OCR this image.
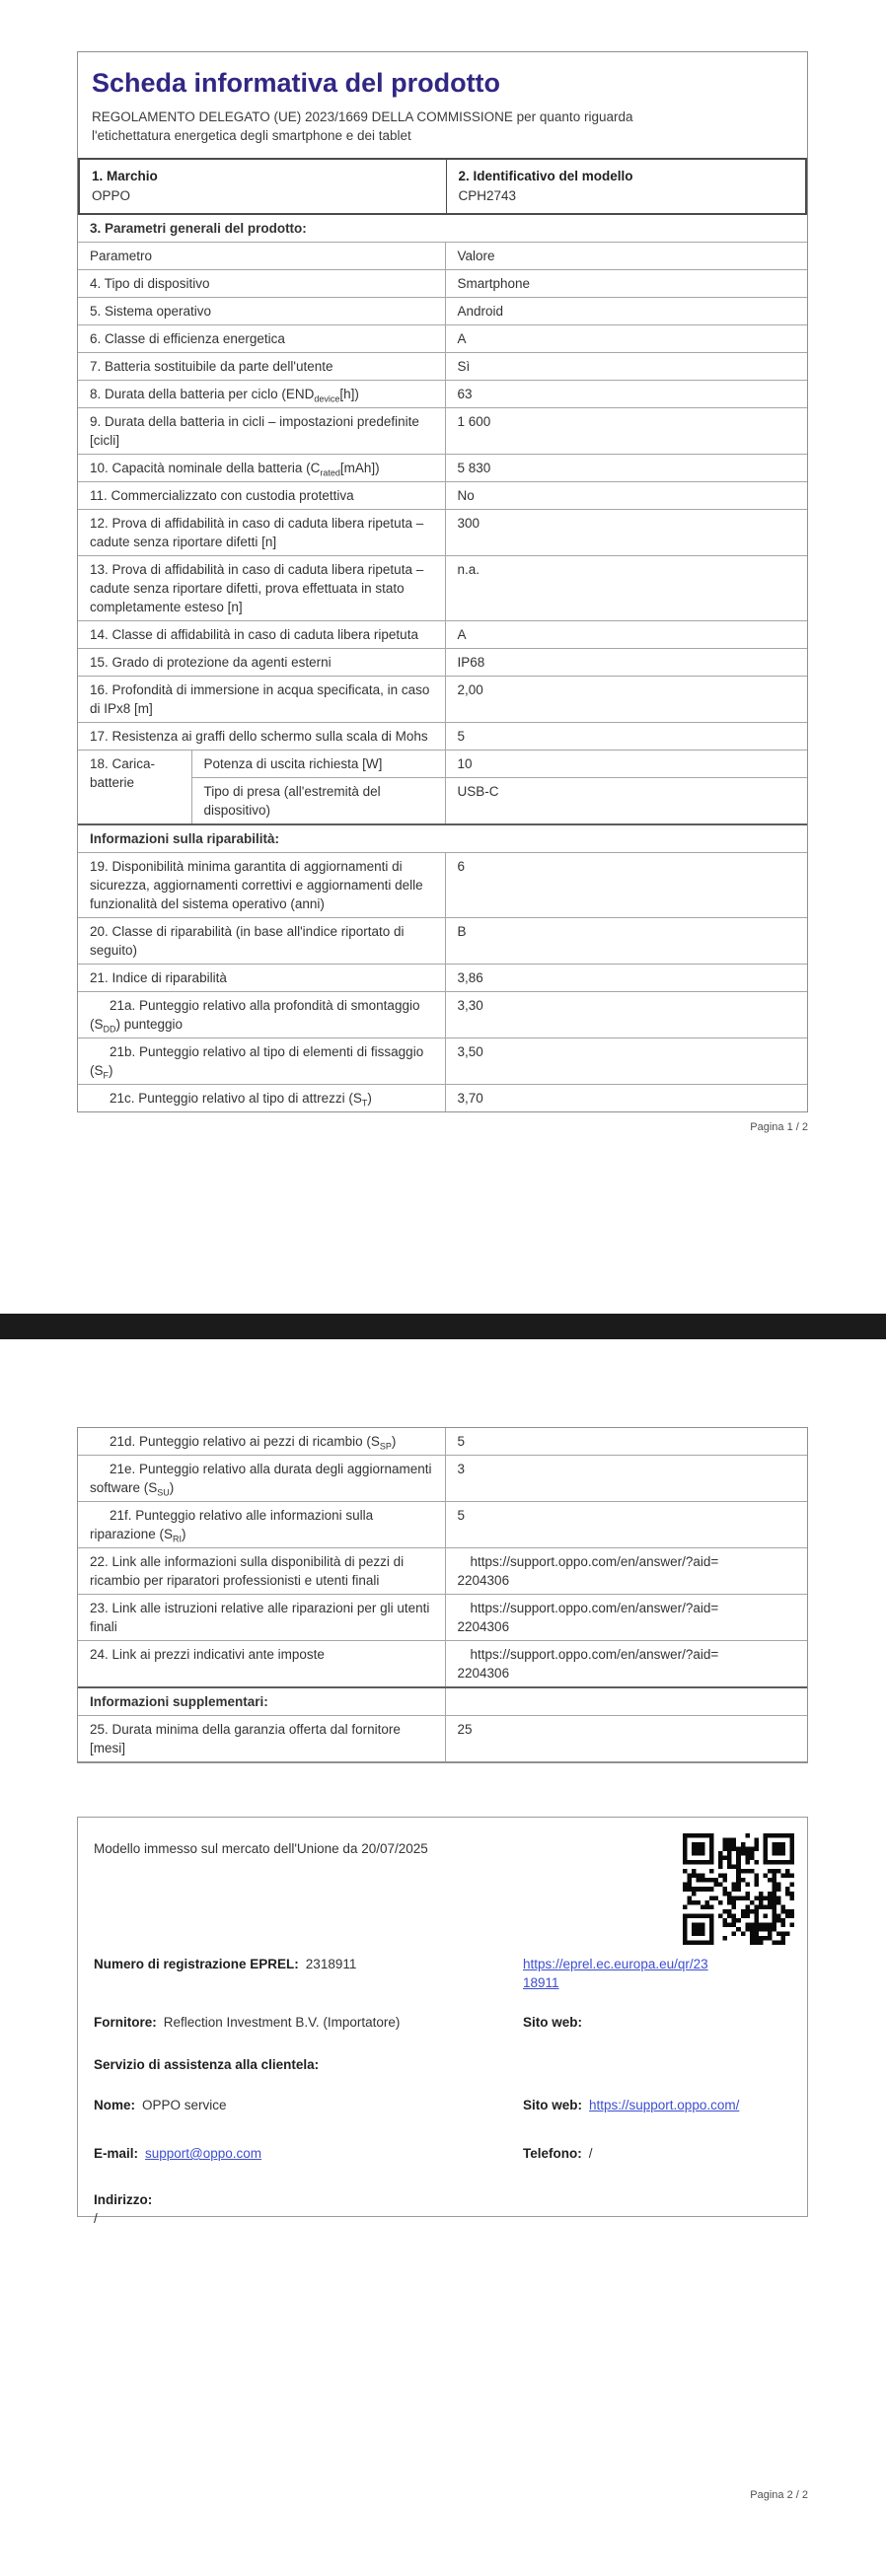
Scheda informativa del prodotto

REGOLAMENTO DELEGATO (UE) 2023/1669 DELLA COMMISSIONE per quanto riguarda
l'etichettatura energetica degli smartphone e dei tablet

1. Marchio
OPPO

2. Identificativo del modello
CPH2743
3. Parametri generali del prodotto:		
Parametro		Valore
4. Tipo di dispositivo		Smartphone
5. Sistema operativo		Android
6. Classe di efficienza energetica		A
7. Batteria sostituibile da parte dell'utente		Sì
8. Durata della batteria per ciclo $(END_{device}[h])$		63
9. Durata della batteria in cicli – impostazioni predefinite [cicli]		1 600
10. Capacità nominale della batteria $(C_{rated}[mAh])$		5 830
11. Commercializzato con custodia protettiva		No
12. Prova di affidabilità in caso di caduta libera ripetuta – cadute senza riportare difetti [n]		300
13. Prova di affidabilità in caso di caduta libera ripetuta – cadute senza riportare difetti, prova effettuata in stato completamente esteso [n]		n.a.
14. Classe di affidabilità in caso di caduta libera ripetuta		A
15. Grado di protezione da agenti esterni		IP68
16. Profondità di immersione in acqua specificata, in caso di IPx8 [m]		2,00
17. Resistenza ai graffi dello schermo sulla scala di Mohs		5
18. Carica-batterie	Potenza di uscita richiesta [W]	10
	Tipo di presa (all'estremità del dispositivo)	USB-C
Informazioni sulla riparabilità:		
19. Disponibilità minima garantita di aggiornamenti di sicurezza, aggiornamenti correttivi e aggiornamenti delle funzionalità del sistema operativo (anni)		6
20. Classe di riparabilità (in base all'indice riportato di seguito)		B
21. Indice di riparabilità		3,86
21a. Punteggio relativo alla profondità di smontaggio $(S_{DD})$ punteggio		3,30
21b. Punteggio relativo al tipo di elementi di fissaggio $(S_F)$		3,50
21c. Punteggio relativo al tipo di attrezzi $(S_T)$		3,70
Pagina 1 / 2
21d. Punteggio relativo ai pezzi di ricambio $(S_{SP})$	5
21e. Punteggio relativo alla durata degli aggiornamenti software $(S_{SU})$	3
21f. Punteggio relativo alle informazioni sulla riparazione $(S_{RI})$	5
22. Link alle informazioni sulla disponibilità di pezzi di ricambio per riparatori professionisti e utenti finali	https://support.oppo.com/en/answer/?aid=
2204306
23. Link alle istruzioni relative alle riparazioni per gli utenti finali	https://support.oppo.com/en/answer/?aid=
2204306
24. Link ai prezzi indicativi ante imposte	https://support.oppo.com/en/answer/?aid=
2204306
Informazioni supplementari:	
25. Durata minima della garanzia offerta dal fornitore [mesi]	25
Modello immesso sul mercato dell'Unione da 20/07/2025
Numero di registrazione EPREL: 2318911	https://eprel.ec.europa.eu/qr/23
18911
Fornitore: Reflection Investment B.V. (Importatore)	Sito web:
Servizio di assistenza alla clientela:
Nome: OPPO service	Sito web: https://support.oppo.com/
E-mail: support@oppo.com	Telefono: /
Indirizzo:
/
Pagina 2 / 2
